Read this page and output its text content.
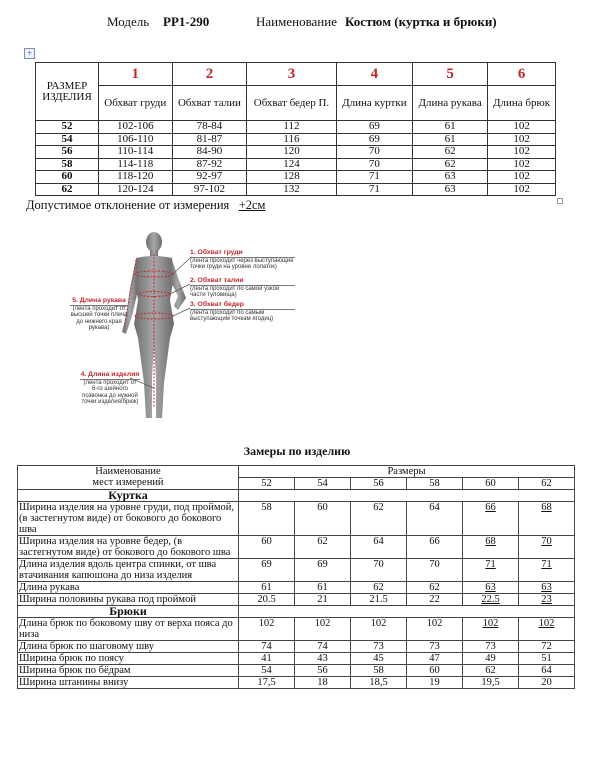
Модель PP1-290	Наименование Костюм (куртка и брюки)
+
РАЗМЕР
ИЗДЕЛИЯ	1	2	3	4	5	6
	Обхват груди	Обхват талии	Обхват бедер П.	Длина куртки	Длина рукава	Длина брюк
52	102-106	78-84	112	69	61	102
54	106-110	81-87	116	69	61	102
56	110-114	84-90	120	70	62	102
58	114-118	87-92	124	70	62	102
60	118-120	92-97	128	71	63	102
62	120-124	97-102	132	71	63	102
Допустимое отклонение от измерения +2см
1. Обхват груди
(лента проходит через выступающие точки груди на уровне лопаток)
2. Обхват талии
(лента проходит по самой узкой части туловища)
3. Обхват бедер
(лента проходит по самым выступающим точкам ягодиц)
5. Длина рукава
(лента проходит от высшей точки плеча до нижнего края рукава)
4. Длина изделия
(лента проходит от 6-го шейного позвонка до нужной точки изделия/брюк)
Замеры по изделию
Наименование
мест измерений	Размеры					
	52	54	56	58	60	62
Куртка						
Ширина изделия на уровне груди, под проймой, (в застегнутом виде) от бокового до бокового шва	58	60	62	64	66	68
Ширина изделия на уровне бедер, (в застегнутом виде) от бокового до бокового шва	60	62	64	66	68	70
Длина изделия вдоль центра спинки, от шва втачивания капюшона до низа изделия	69	69	70	70	71	71
Длина рукава	61	61	62	62	63	63
Ширина половины рукава под проймой	20.5	21	21.5	22	22.5	23
Брюки						
Длина брюк по боковому шву от верха пояса до низа	102	102	102	102	102	102
Длина брюк по шаговому шву	74	74	73	73	73	72
Ширина брюк по поясу	41	43	45	47	49	51
Ширина брюк по бёдрам	54	56	58	60	62	64
Ширина штанины внизу	17,5	18	18,5	19	19,5	20
